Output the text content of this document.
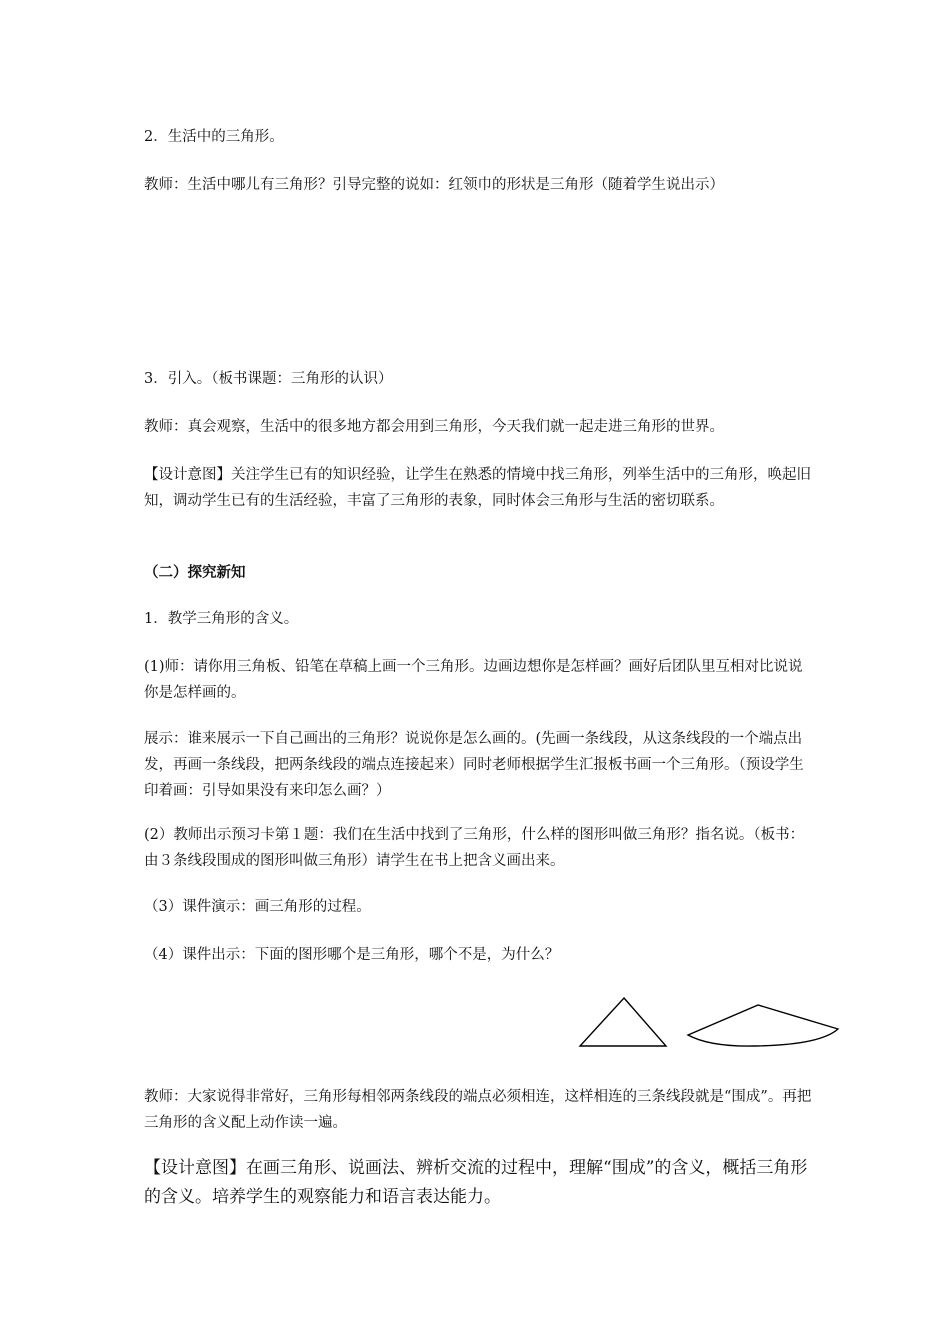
2．生活中的三角形。

教师：生活中哪儿有三角形？引导完整的说如：红领巾的形状是三角形（随着学生说出示）

3．引入。（板书课题：三角形的认识）

教师：真会观察，生活中的很多地方都会用到三角形，今天我们就一起走进三角形的世界。

【设计意图】关注学生已有的知识经验，让学生在熟悉的情境中找三角形，列举生活中的三角形，唤起旧知，调动学生已有的生活经验，丰富了三角形的表象，同时体会三角形与生活的密切联系。

（二）探究新知

1．教学三角形的含义。

(1)师：请你用三角板、铅笔在草稿上画一个三角形。边画边想你是怎样画？画好后团队里互相对比说说你是怎样画的。

展示：谁来展示一下自己画出的三角形？说说你是怎么画的。(先画一条线段，从这条线段的一个端点出发，再画一条线段，把两条线段的端点连接起来）同时老师根据学生汇报板书画一个三角形。（预设学生印着画：引导如果没有来印怎么画？）

(2）教师出示预习卡第１题：我们在生活中找到了三角形，什么样的图形叫做三角形？指名说。（板书：由３条线段围成的图形叫做三角形）请学生在书上把含义画出来。

（3）课件演示：画三角形的过程。

（4）课件出示：下面的图形哪个是三角形，哪个不是，为什么？

教师：大家说得非常好，三角形每相邻两条线段的端点必须相连，这样相连的三条线段就是“围成”。再把三角形的含义配上动作读一遍。

【设计意图】在画三角形、说画法、辨析交流的过程中，理解“围成”的含义，概括三角形的含义。培养学生的观察能力和语言表达能力。
